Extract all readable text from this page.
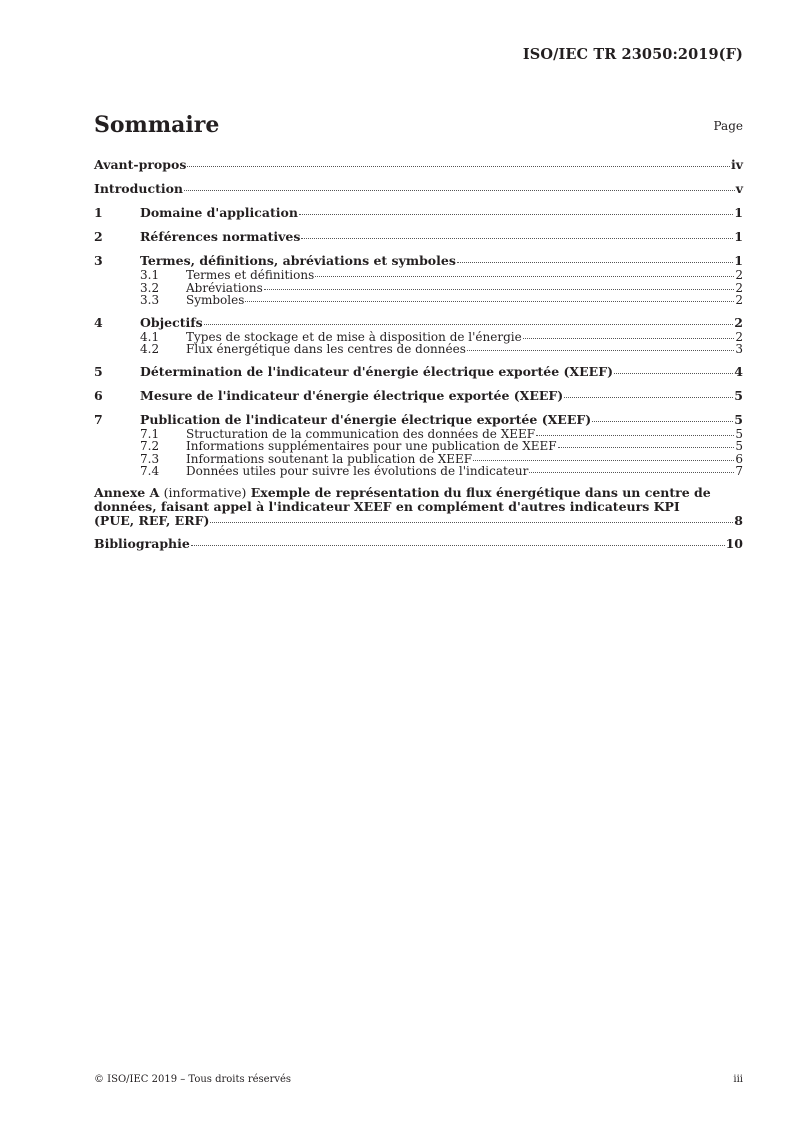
ISO/IEC TR 23050:2019(F)
Sommaire	Page
Avant-propos	iv
Introduction	v
1	Domaine d'application	1
2	Références normatives	1
3	Termes, définitions, abréviations et symboles	1
3.1	Termes et définitions	2
3.2	Abréviations	2
3.3	Symboles	2
4	Objectifs	2
4.1	Types de stockage et de mise à disposition de l'énergie	2
4.2	Flux énergétique dans les centres de données	3
5	Détermination de l'indicateur d'énergie électrique exportée (XEEF)	4
6	Mesure de l'indicateur d'énergie électrique exportée (XEEF)	5
7	Publication de l'indicateur d'énergie électrique exportée (XEEF)	5
7.1	Structuration de la communication des données de XEEF	5
7.2	Informations supplémentaires pour une publication de XEEF	5
7.3	Informations soutenant la publication de XEEF	6
7.4	Données utiles pour suivre les évolutions de l'indicateur	7
Annexe A (informative) Exemple de représentation du flux énergétique dans un centre de
données, faisant appel à l'indicateur XEEF en complément d'autres indicateurs KPI
(PUE, REF, ERF)	8
Bibliographie	10
© ISO/IEC 2019 – Tous droits réservés	iii
